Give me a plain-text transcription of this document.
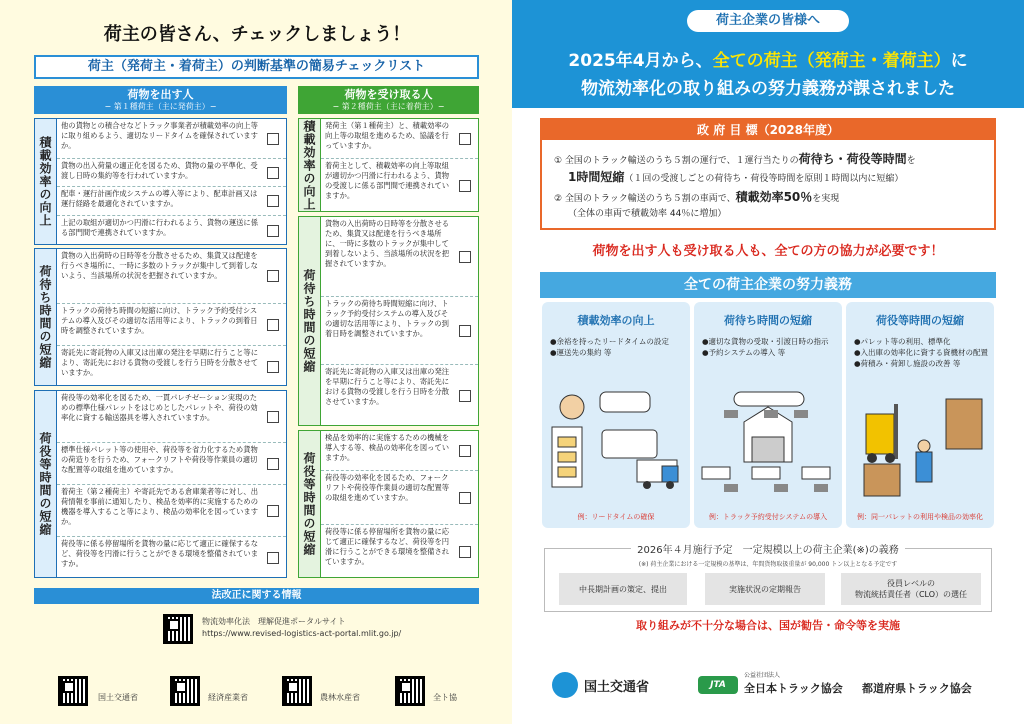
荷主の皆さん、チェックしましょう！
荷主（発荷主・着荷主）の判断基準の簡易チェックリスト
荷物を出す人
− 第１種荷主（主に発荷主）−
荷物を受け取る人
− 第２種荷主（主に着荷主）−
積載効率の向上
他の貨物との積合せなどトラック事業者が積載効率の向上等に取り組めるよう、適切なリードタイムを確保されていますか。
貨物の出入荷量の適正化を図るため、貨物の量の平準化、受渡し日時の集約等を行われていますか。
配車・運行計画作成システムの導入等により、配車計画又は運行経路を最適化されていますか。
上記の取組が適切かつ円滑に行われるよう、貨物の運送に係る部門間で連携されていますか。
荷待ち時間の短縮
貨物の入出荷時の日時等を分散させるため、集貨又は配達を行うべき場所に、一時に多数のトラックが集中して到着しないよう、当該場所の状況を把握されていますか。
トラックの荷待ち時間の短縮に向け、トラック予約受付システムの導入及びその適切な活用等により、トラックの到着日時を調整されていますか。
寄託先に寄託物の入庫又は出庫の発注を早期に行うこと等により、寄託先における貨物の受渡しを行う日時を分散させていますか。
荷役等時間の短縮
荷役等の効率化を図るため、一貫パレチゼーション実現のための標準仕様パレットをはじめとしたパレットや、荷役の効率化に資する輸送器具を導入されていますか。
標準仕様パレット等の使用や、荷役等を省力化するため貨物の荷造りを行うため、フォークリフトや荷役等作業員の適切な配置等の取組を進めていますか。
着荷主（第２種荷主）や寄託先である倉庫業者等に対し、出荷情報を事前に通知したり、検品を効率的に実施するための機器を導入すること等により、検品の効率化を図っていますか。
荷役等に係る停留場所を貨物の量に応じて適正に確保するなど、荷役等を円滑に行うことができる環境を整備されていますか。
積載効率の向上	発荷主（第１種荷主）と、積載効率の向上等の取組を進めるため、協議を行っていますか。
着荷主として、積載効率の向上等取組が適切かつ円滑に行われるよう、貨物の受渡しに係る部門間で連携されていますか。
荷待ち時間の短縮
貨物の入出荷時の日時等を分散させるため、集貨又は配達を行うべき場所に、一時に多数のトラックが集中して到着しないよう、当該場所の状況を把握されていますか。
トラックの荷待ち時間短縮に向け、トラック予約受付システムの導入及びその適切な活用等により、トラックの到着日時を調整されていますか。
寄託先に寄託物の入庫又は出庫の発注を早期に行うこと等により、寄託先における貨物の受渡しを行う日時を分散させていますか。
荷役等時間の短縮
検品を効率的に実施するための機械を導入する等、検品の効率化を図っていますか。
荷役等の効率化を図るため、フォークリフトや荷役等作業員の適切な配置等の取組を進めていますか。
荷役等に係る停留場所を貨物の量に応じて適正に確保するなど、荷役等を円滑に行うことができる環境を整備されていますか。
法改正に関する情報
物流効率化法　理解促進ポータルサイト
https://www.revised-logistics-act-portal.mlit.go.jp/
国土交通省	経済産業省	農林水産省	全ト協
荷主企業の皆様へ
2025年4月から、全ての荷主（発荷主・着荷主）に
物流効率化の取り組みの努力義務が課されました
政 府 目 標（2028年度）
① 全国のトラック輸送のうち５割の運行で、１運行当たりの荷待ち・荷役等時間を
1時間短縮（１回の受渡しごとの荷待ち・荷役等時間を原則１時間以内に短縮）
② 全国のトラック輸送のうち５割の車両で、積載効率50％を実現
（全体の車両で積載効率 44％に増加）
荷物を出す人も受け取る人も、全ての方の協力が必要です！
全ての荷主企業の努力義務
積載効率の向上
●余裕を持ったリードタイムの設定
●運送先の集約 等
例：リードタイムの確保
荷待ち時間の短縮
●適切な貨物の受取・引渡日時の指示
●予約システムの導入 等
例：トラック予約受付システムの導入
荷役等時間の短縮
●パレット等の利用、標準化
●入出庫の効率化に資する資機材の配置
●荷積み・荷卸し施設の改善 等
例：同一パレットの利用や検品の効率化
2026年４月施行予定　一定規模以上の荷主企業(※)の義務
(※) 荷主企業における一定規模の基準は、年間貨物取扱重量が 90,000 トン以上となる予定です
中長期計画の策定、提出	実施状況の定期報告
役員レベルの
物流統括責任者（CLO）の選任
取り組みが不十分な場合は、国が勧告・命令等を実施
国土交通省	JTA
公益社団法人
全日本トラック協会 都道府県トラック協会
